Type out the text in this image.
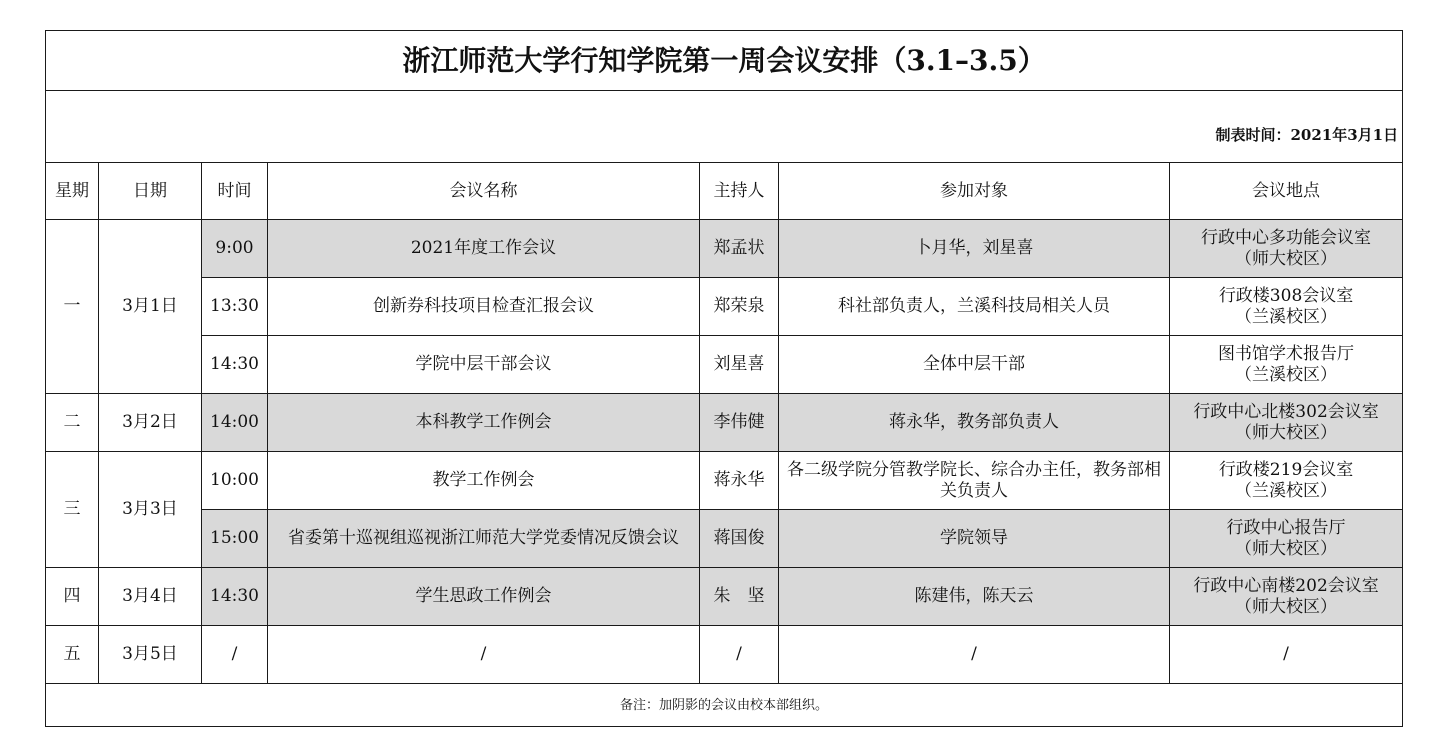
浙江师范大学行知学院第一周会议安排（3.1–3.5）						
制表时间：2021年3月1日						
星期	日期	时间	会议名称	主持人	参加对象	会议地点
一	3月1日	9:00	2021年度工作会议	郑孟状	卜月华，刘星喜	行政中心多功能会议室
（师大校区）

		13:30	创新券科技项目检查汇报会议	郑荣泉	科社部负责人，兰溪科技局相关人员	行政楼308会议室
（兰溪校区）

		14:30	学院中层干部会议	刘星喜	全体中层干部	图书馆学术报告厅
（兰溪校区）

二	3月2日	14:00	本科教学工作例会	李伟健	蒋永华，教务部负责人	行政中心北楼302会议室
（师大校区）

三	3月3日	10:00	教学工作例会	蒋永华	各二级学院分管教学院长、综合办主任，教务部相关负责人	行政楼219会议室
（兰溪校区）

		15:00	省委第十巡视组巡视浙江师范大学党委情况反馈会议	蒋国俊	学院领导	行政中心报告厅
（师大校区）

四	3月4日	14:30	学生思政工作例会	朱　坚	陈建伟，陈天云	行政中心南楼202会议室
（师大校区）

五	3月5日	/	/	/	/	/

备注：加阴影的会议由校本部组织。						
